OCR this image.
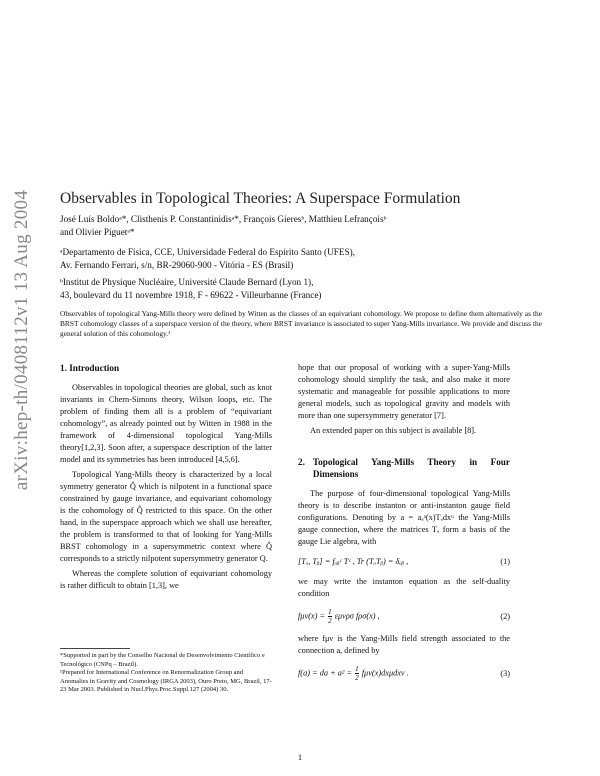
arXiv:hep-th/0408112v1 13 Aug 2004 Observables in Topological Theories: A Superspace Formulation
José Luís Boldoᵃ*, Clisthenis P. Constantinidisᵃ*, François Gieresᵇ, Matthieu Lefrançoisᵇ
and Olivier Piguetᵃ*
ᵃDepartamento de Física, CCE, Universidade Federal do Espírito Santo (UFES),
Av. Fernando Ferrari, s/n, BR-29060-900 - Vitória - ES (Brasil)
ᵇInstitut de Physique Nucléaire, Université Claude Bernard (Lyon 1),
43, boulevard du 11 novembre 1918, F - 69622 - Villeurbanne (France)
Observables of topological Yang-Mills theory were defined by Witten as the classes of an equivariant cohomology. We propose to define them alternatively as the BRST cohomology classes of a superspace version of the theory, where BRST invariance is associated to super Yang-Mills invariance. We provide and discuss the general solution of this cohomology.¹
1. Introduction

Observables in topological theories are global, such as knot invariants in Chern-Simons theory, Wilson loops, etc. The problem of finding them all is a problem of “equivariant cohomology”, as already pointed out by Witten in 1988 in the framework of 4-dimensional topological Yang-Mills theory[1,2,3]. Soon after, a superspace description of the latter model and its symmetries has been introduced [4,5,6].

Topological Yang-Mills theory is characterized by a local symmetry generator Q̂ which is nilpotent in a functional space constrained by gauge invariance, and equivariant cohomology is the cohomology of Q̂ restricted to this space. On the other hand, in the superspace approach which we shall use hereafter, the problem is transformed to that of looking for Yang-Mills BRST cohomology in a supersymmetric context where Q̂ corresponds to a strictly nilpotent supersymmetry generator Q.

Whereas the complete solution of equivariant cohomology is rather difficult to obtain [1,3], we

hope that our proposal of working with a super-Yang-Mills cohomology should simplify the task, and also make it more systematic and manageable for possible applications to more general models, such as topological gravity and models with more than one supersymmetry generator [7].

An extended paper on this subject is available [8].

2. Topological Yang-Mills Theory in Four Dimensions

The purpose of four-dimensional topological Yang-Mills theory is to describe instanton or anti-instanton gauge field configurations. Denoting by a = aₐᵃ(x)Tₐdxᵘ the Yang-Mills gauge connection, where the matrices Tₐ form a basis of the gauge Lie algebra, with

[Tₐ, Tᵦ] = fₐᵦᶜ Tᶜ , Tr (TₐTᵦ) = δₐᵦ ,	(1)

we may write the instanton equation as the self-duality condition

$f\mu\nu(x) = \frac{1}{2}$ εμνρσ fρσ(x) ,	(2)

where fμν is the Yang-Mills field strength associated to the connection a, defined by

f(a) = da + $a^2 = \frac{1}{2} f\mu\nu(x)dx\mu dx\nu$ .	(3)
*Supported in part by the Conselho Nacional de Desenvolvimento Científico e Tecnológico (CNPq – Brazil).
¹Prepared for International Conference on Renormalization Group and Anomalies in Gravity and Cosmology (IRGA 2003), Ouro Preto, MG, Brazil, 17-23 Mar 2003. Published in Nucl.Phys.Proc.Suppl.127 (2004) 30.
1
